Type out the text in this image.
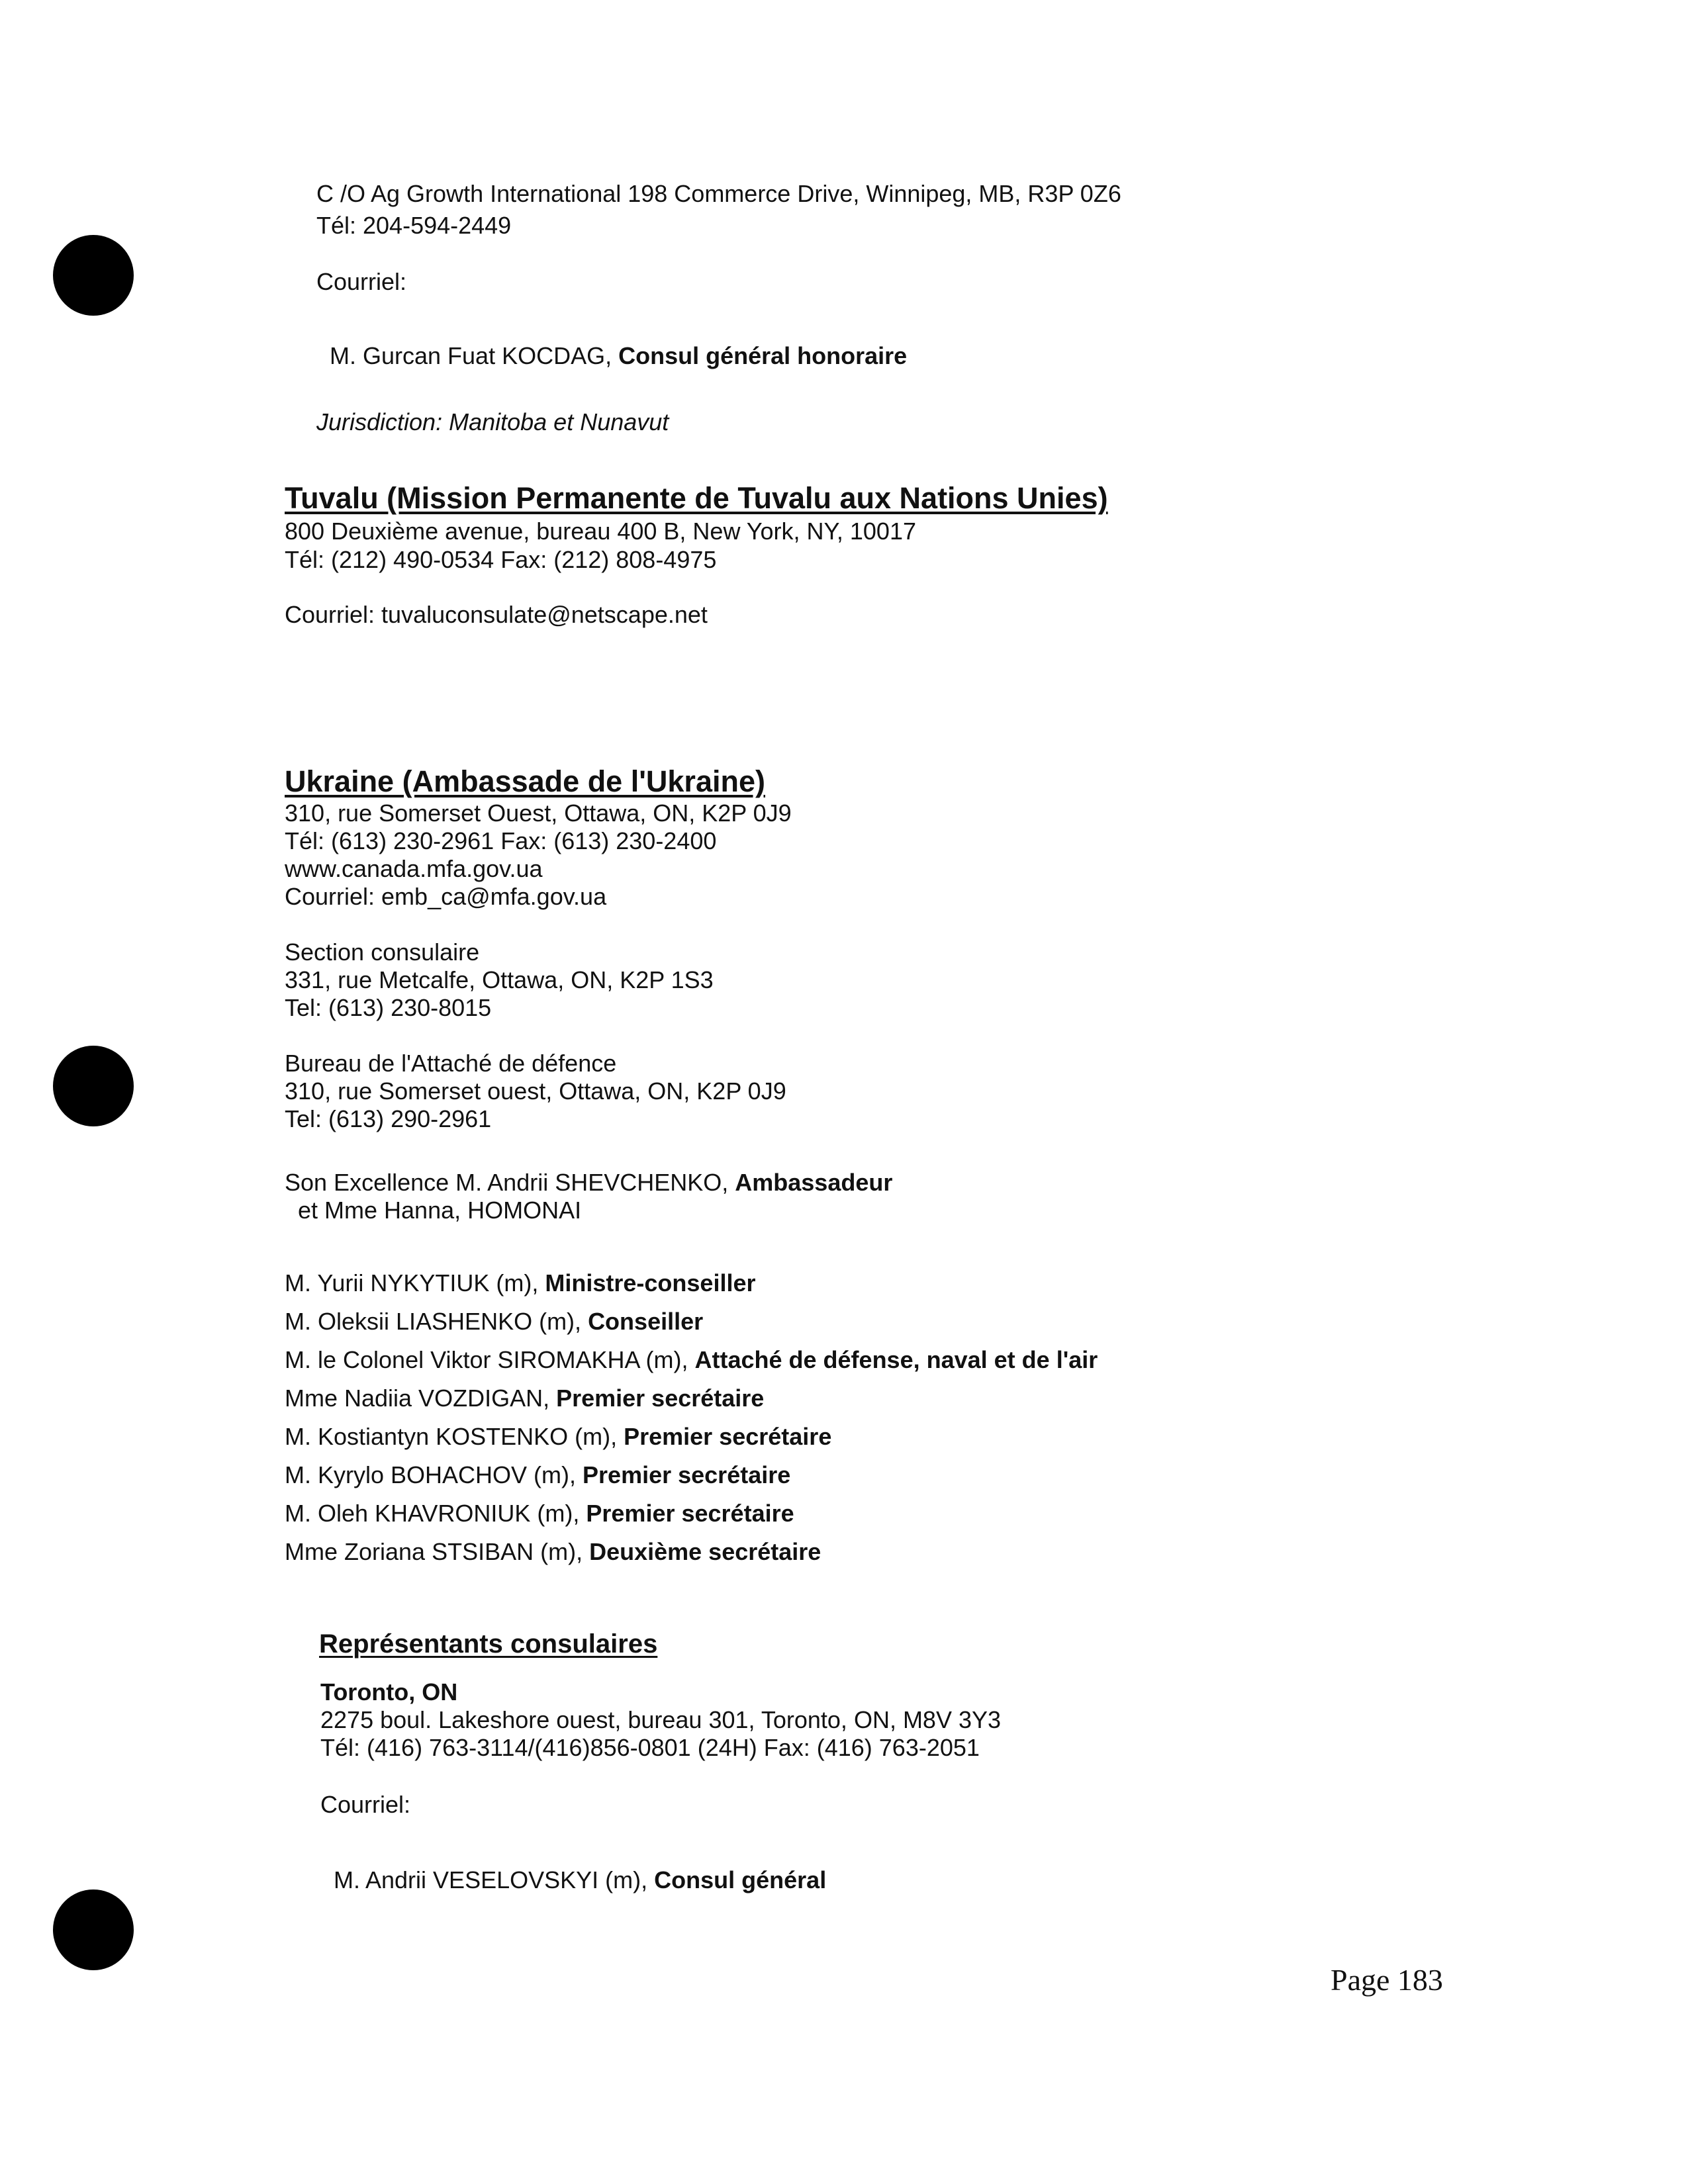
C /O Ag Growth International 198 Commerce Drive, Winnipeg, MB, R3P 0Z6
Tél: 204-594-2449
Courriel:
M. Gurcan Fuat KOCDAG, Consul général honoraire
Jurisdiction: Manitoba et Nunavut
Tuvalu (Mission Permanente de Tuvalu aux Nations Unies)
800 Deuxième avenue, bureau 400 B, New York, NY, 10017
Tél: (212) 490-0534 Fax: (212) 808-4975
Courriel: tuvaluconsulate@netscape.net
Ukraine (Ambassade de l'Ukraine)
310, rue Somerset Ouest, Ottawa, ON, K2P 0J9
Tél: (613) 230-2961 Fax: (613) 230-2400
www.canada.mfa.gov.ua
Courriel: emb_ca@mfa.gov.ua
Section consulaire
331, rue Metcalfe, Ottawa, ON, K2P 1S3
Tel: (613) 230-8015
Bureau de l'Attaché de défence
310, rue Somerset ouest, Ottawa, ON, K2P 0J9
Tel: (613) 290-2961
Son Excellence M. Andrii SHEVCHENKO, Ambassadeur
et Mme Hanna, HOMONAI
M. Yurii NYKYTIUK (m), Ministre-conseiller
M. Oleksii LIASHENKO (m), Conseiller
M. le Colonel Viktor SIROMAKHA (m), Attaché de défense, naval et de l'air
Mme Nadiia VOZDIGAN, Premier secrétaire
M. Kostiantyn KOSTENKO (m), Premier secrétaire
M. Kyrylo BOHACHOV (m), Premier secrétaire
M. Oleh KHAVRONIUK (m), Premier secrétaire
Mme Zoriana STSIBAN (m), Deuxième secrétaire
Représentants consulaires
Toronto, ON
2275 boul. Lakeshore ouest, bureau 301, Toronto, ON, M8V 3Y3
Tél: (416) 763-3114/(416)856-0801 (24H) Fax: (416) 763-2051
Courriel:
M. Andrii VESELOVSKYI (m), Consul général
Page 183
